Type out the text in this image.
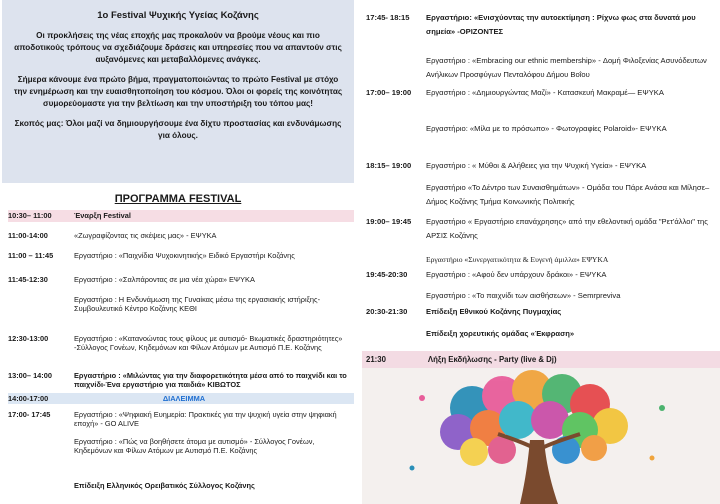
1ο Festival Ψυχικής Υγείας Κοζάνης

Οι προκλήσεις της νέας εποχής μας προκαλούν να βρούμε νέους και πιο αποδοτικούς τρόπους να σχεδιάζουμε δράσεις και υπηρεσίες που να απαντούν στις αυξανόμενες και μεταβαλλόμενες ανάγκες.

Σήμερα κάνουμε ένα πρώτο βήμα, πραγματοποιώντας το πρώτο Festival με στόχο την ενημέρωση και την ευαισθητοποίηση του κόσμου. Όλοι οι φορείς της κοινότητας συμορεύομαστε για την βελτίωση και την υποστήριξη του τόπου μας!

Σκοπός μας: Όλοι μαζί να δημιουργήσουμε ένα δίχτυ προστασίας και ενδυνάμωσης για όλους.

ΠΡΟΓΡΑΜΜΑ FESTIVAL
10:30– 11:00	Έναρξη Festival
11:00-14:00	«Ζωγραφίζοντας τις σκέψεις μας» - ΕΨΥΚΑ
11:00 – 11:45	Εργαστήριο : «Παιχνίδια Ψυχοκινητικής» Ειδικό Εργαστήρι Κοζάνης
11:45-12:30	Εργαστήριο : «Σαλπάροντας σε μια νέα χώρα» ΕΨΥΚΑ
Εργαστήριο : Η Ενδυνάμωση της Γυναίκας μέσω της εργασιακής ιστήριξης- Συμβουλευτικό Κέντρο Κοζάνης ΚΕΘΙ
12:30-13:00	Εργαστήριο : «Κατανοώντας τους φίλους με αυτισμό- Βιωματικές δραστηριότητες» -Σύλλογος Γονέων, Κηδεμόνων και Φίλων Ατόμων με Αυτισμό Π.Ε. Κοζάνης
13:00– 14:00	Εργαστήριο : «Μιλώντας για την διαφορετικότητα μέσα από το παιχνίδι και το παιχνίδι-Ένα εργαστήριο για παιδιά» ΚΙΒΩΤΟΣ
14:00-17:00	ΔΙΑΛΕΙΜΜΑ
17:00- 17:45	Εργαστήριο : «Ψηφιακή Ευημερία: Πρακτικές για την ψυχική υγεία στην ψηφιακή εποχή» - GO ALIVE
Εργαστήριο : «Πώς να βοηθήσετε άτομα με αυτισμό» - Σύλλογος Γονέων, Κηδεμόνων και Φίλων Ατόμων με Αυτισμό Π.Ε. Κοζάνης
Επίδειξη Ελληνικός Ορειβατικός Σύλλογος Κοζάνης
17:45- 18:15	Εργαστήριο: «Ενισχύοντας την αυτοεκτίμηση : Ρίχνω φως στα δυνατά μου σημεία» -ΟΡΙΖΟΝΤΕΣ
Εργαστήριο : «Embracing our ethnic membership» - Δομή Φιλοξενίας Ασυνόδευτων Ανήλικων Προσφύγων Πενταλόφου Δήμου Βοΐου
17:00– 19:00	Εργαστήριο : «Δημιουργώντας Μαζί» - Κατασκευή Μακραμέ— ΕΨΥΚΑ
Εργαστήριο: «Μίλα με το πρόσωπο» - Φωτογραφίες Polaroid»- ΕΨΥΚΑ
18:15– 19:00	Εργαστήριο : « Μύθοι & Αλήθειες για την Ψυχική Υγεία» - ΕΨΥΚΑ
Εργαστήριο «Το Δέντρο των Συναισθημάτων» - Ομάδα του Πάρε Ανάσα και Μίλησε– Δήμος Κοζάνης Τμήμα Κοινωνικής Πολιτικής
19:00– 19:45	Εργαστήριο « Εργαστήριο επανάχρησης» από την εθελοντική ομάδα "Ρετ'άλλοι" της ΑΡΣΙΣ Κοζάνης
Εργαστήριο «Συνεργατικότητα & Ευγενή άμιλλα» ΕΨΥΚΑ
19:45-20:30	Εργαστήριο : «Αφού δεν υπάρχουν δράκοι» - ΕΨΥΚΑ
Εργαστήριο : «Το παιχνίδι των αισθήσεων» - Semrpreviva
20:30-21:30	Επίδειξη Εθνικού Κοζάνης Πυγμαχίας
Επίδειξη χορευτικής ομάδας «Έκφραση»
21:30	Λήξη Εκδήλωσης - Party (live & Dj)
